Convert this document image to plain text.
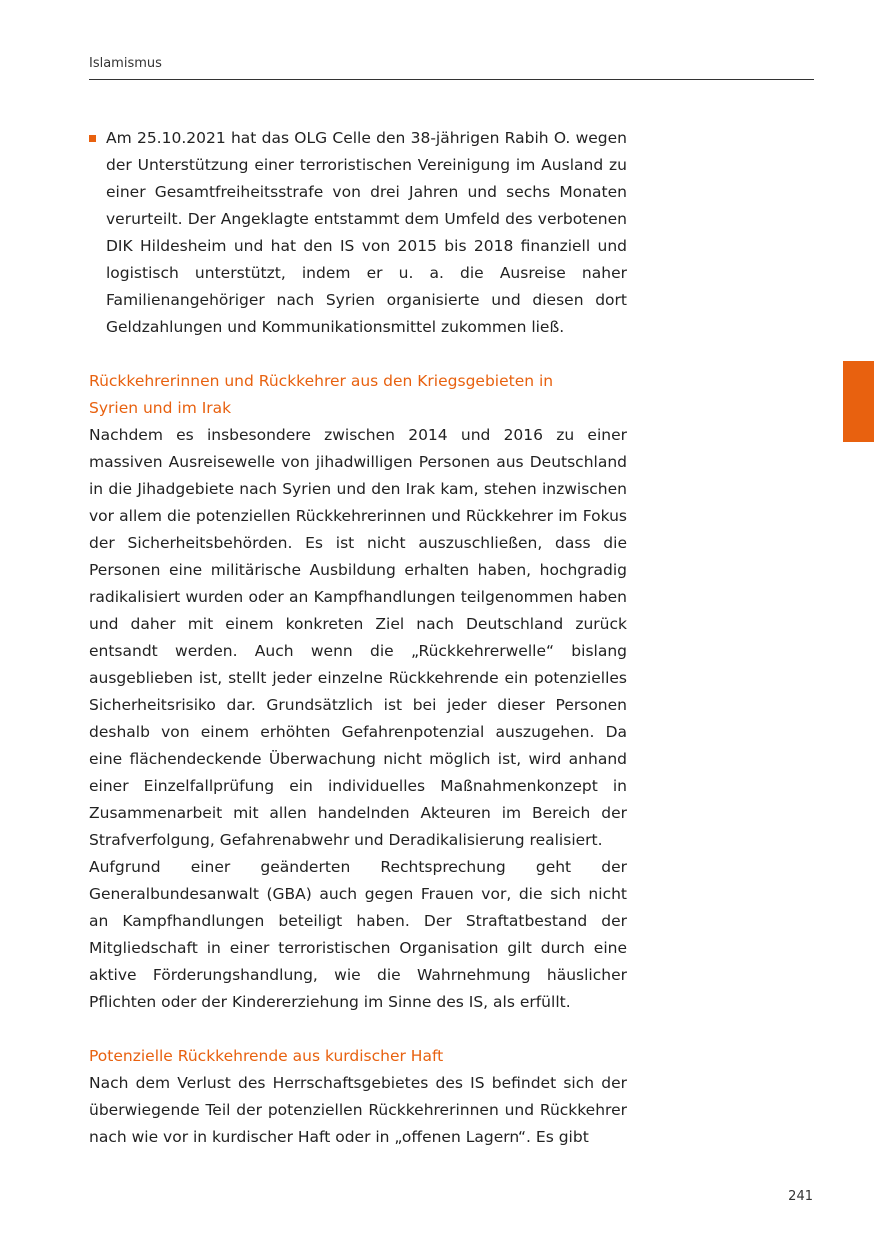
Islamismus
Am 25.10.2021 hat das OLG Celle den 38-jährigen Rabih O. wegen der Unterstützung einer terroristischen Vereinigung im Ausland zu einer Gesamtfreiheitsstrafe von drei Jahren und sechs Monaten verurteilt. Der Angeklagte entstammt dem Umfeld des verbotenen DIK Hildesheim und hat den IS von 2015 bis 2018 finanziell und logistisch unterstützt, indem er u. a. die Ausreise naher Familienangehöriger nach Syrien organisierte und diesen dort Geldzahlungen und Kommunikationsmittel zukommen ließ.
Rückkehrerinnen und Rückkehrer aus den Kriegsgebieten in Syrien und im Irak

Nachdem es insbesondere zwischen 2014 und 2016 zu einer massiven Ausreisewelle von jihadwilligen Personen aus Deutschland in die Jihadgebiete nach Syrien und den Irak kam, stehen inzwischen vor allem die potenziellen Rückkehrerinnen und Rückkehrer im Fokus der Sicherheitsbehörden. Es ist nicht auszuschließen, dass die Personen eine militärische Ausbildung erhalten haben, hochgradig radikalisiert wurden oder an Kampfhandlungen teilgenommen haben und daher mit einem konkreten Ziel nach Deutschland zurück entsandt werden. Auch wenn die „Rückkehrerwelle“ bislang ausgeblieben ist, stellt jeder einzelne Rückkehrende ein potenzielles Sicherheitsrisiko dar. Grundsätzlich ist bei jeder dieser Personen deshalb von einem erhöhten Gefahrenpotenzial auszugehen. Da eine flächendeckende Überwachung nicht möglich ist, wird anhand einer Einzelfallprüfung ein individuelles Maßnahmenkonzept in Zusammenarbeit mit allen handelnden Akteuren im Bereich der Strafverfolgung, Gefahrenabwehr und Deradikalisierung realisiert.

Aufgrund einer geänderten Rechtsprechung geht der Generalbundesanwalt (GBA) auch gegen Frauen vor, die sich nicht an Kampfhandlungen beteiligt haben. Der Straftatbestand der Mitgliedschaft in einer terroristischen Organisation gilt durch eine aktive Förderungshandlung, wie die Wahrnehmung häuslicher Pflichten oder der Kindererziehung im Sinne des IS, als erfüllt.

Potenzielle Rückkehrende aus kurdischer Haft

Nach dem Verlust des Herrschaftsgebietes des IS befindet sich der überwiegende Teil der potenziellen Rückkehrerinnen und Rückkehrer nach wie vor in kurdischer Haft oder in „offenen Lagern“. Es gibt

241
